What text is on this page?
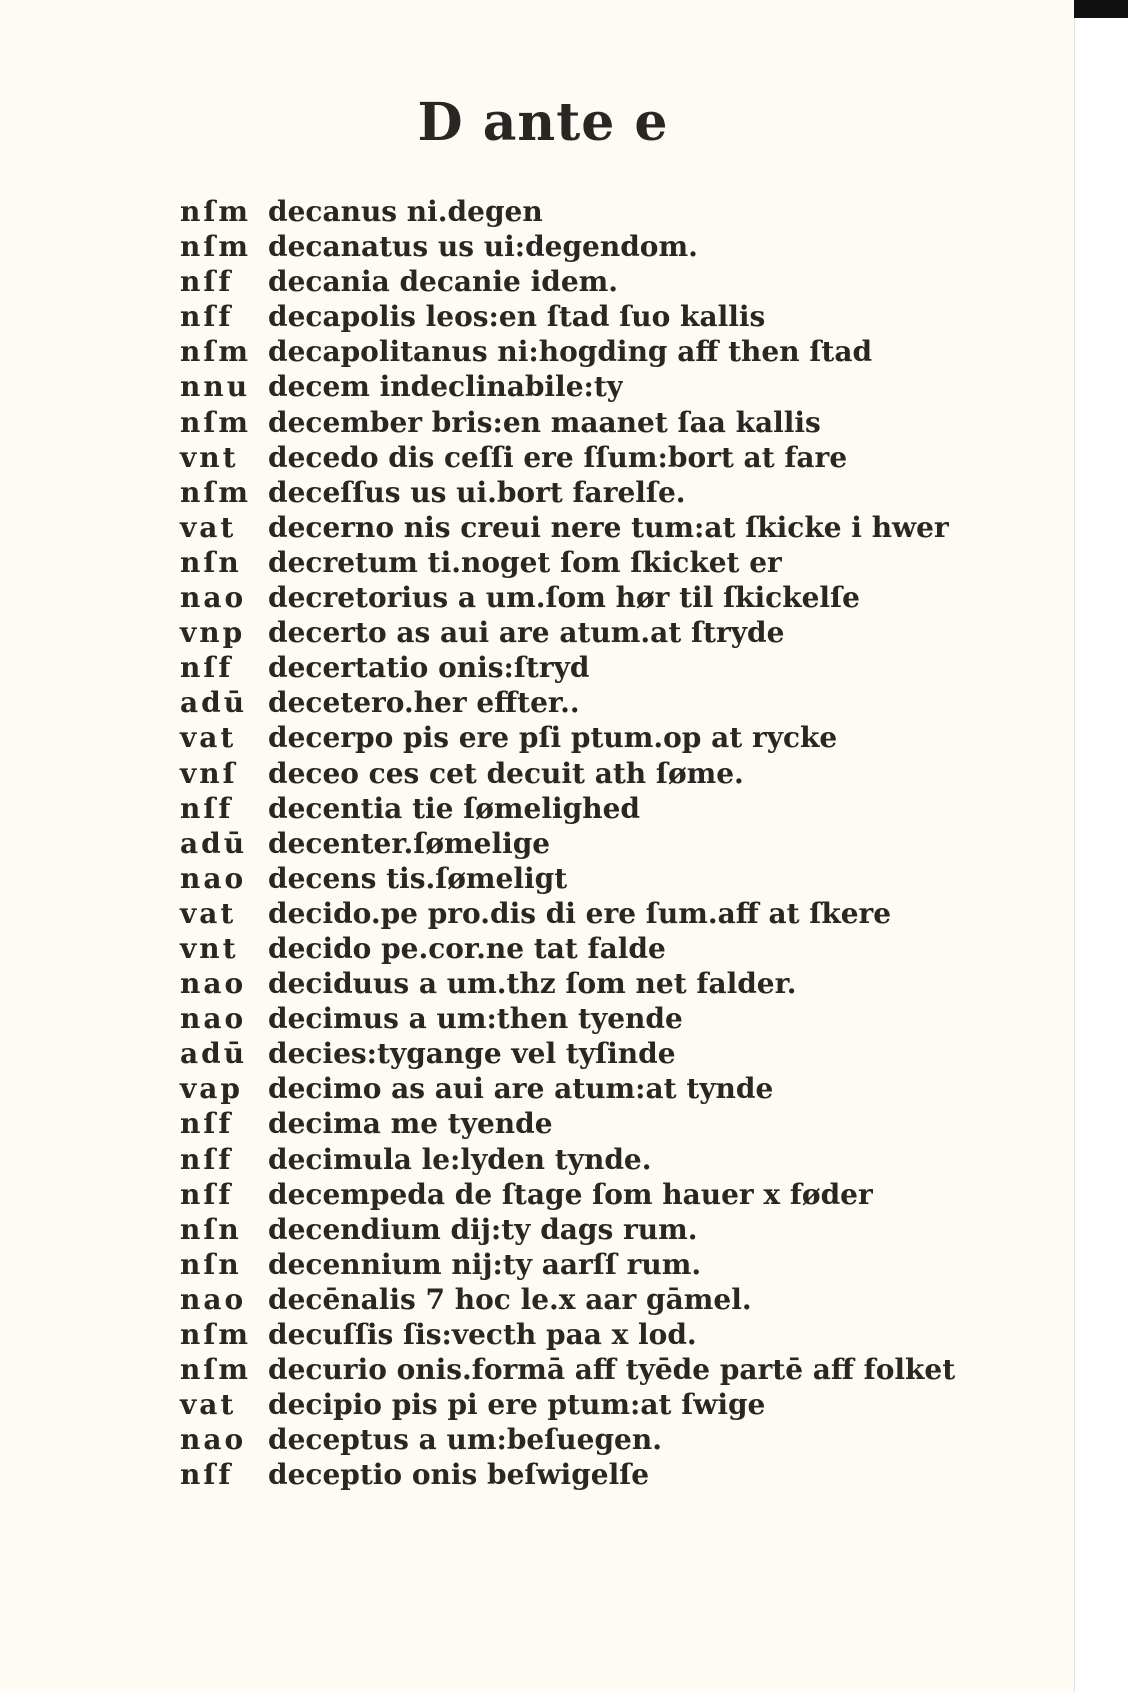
D ante e
nſm decanus ni.degen
nſm decanatus us ui:degendom.
nſf decania decanie idem.
nſf decapolis leos:en ſtad ſuo kallis
nſm decapolitanus ni:hogding aff then ſtad
nnu decem indeclinabile:ty
nſm december bris:en maanet ſaa kallis
vnt decedo dis ceſſi ere ſſum:bort at fare
nſm deceſſus us ui.bort farelſe.
vat decerno nis creui nere tum:at ſkicke i hwer
nſn decretum ti.noget ſom ſkicket er
nao decretorius a um.ſom hør til ſkickelſe
vnp decerto as aui are atum.at ſtryde
nſf decertatio onis:ſtryd
adū decetero.her effter..
vat decerpo pis ere pſi ptum.op at rycke
vnſ deceo ces cet decuit ath ſøme.
nſf decentia tie ſømelighed
adū decenter.ſømelige
nao decens tis.ſømeligt
vat decido.pe pro.dis di ere ſum.aff at ſkere
vnt decido pe.cor.ne tat falde
nao deciduus a um.thz ſom net falder.
nao decimus a um:then tyende
adū decies:tygange vel tyſinde
vap decimo as aui are atum:at tynde
nſf decima me tyende
nſf decimula le:lyden tynde.
nſf decempeda de ſtage ſom hauer x føder
nſn decendium dij:ty dags rum.
nſn decennium nij:ty aarſſ rum.
nao decēnalis 7 hoc le.x aar gāmel.
nſm decuſſis ſis:vecth paa x lod.
nſm decurio onis.formā aff tyēde partē aff folket
vat decipio pis pi ere ptum:at ſwige
nao deceptus a um:beſuegen.
nſf deceptio onis beſwigelſe
